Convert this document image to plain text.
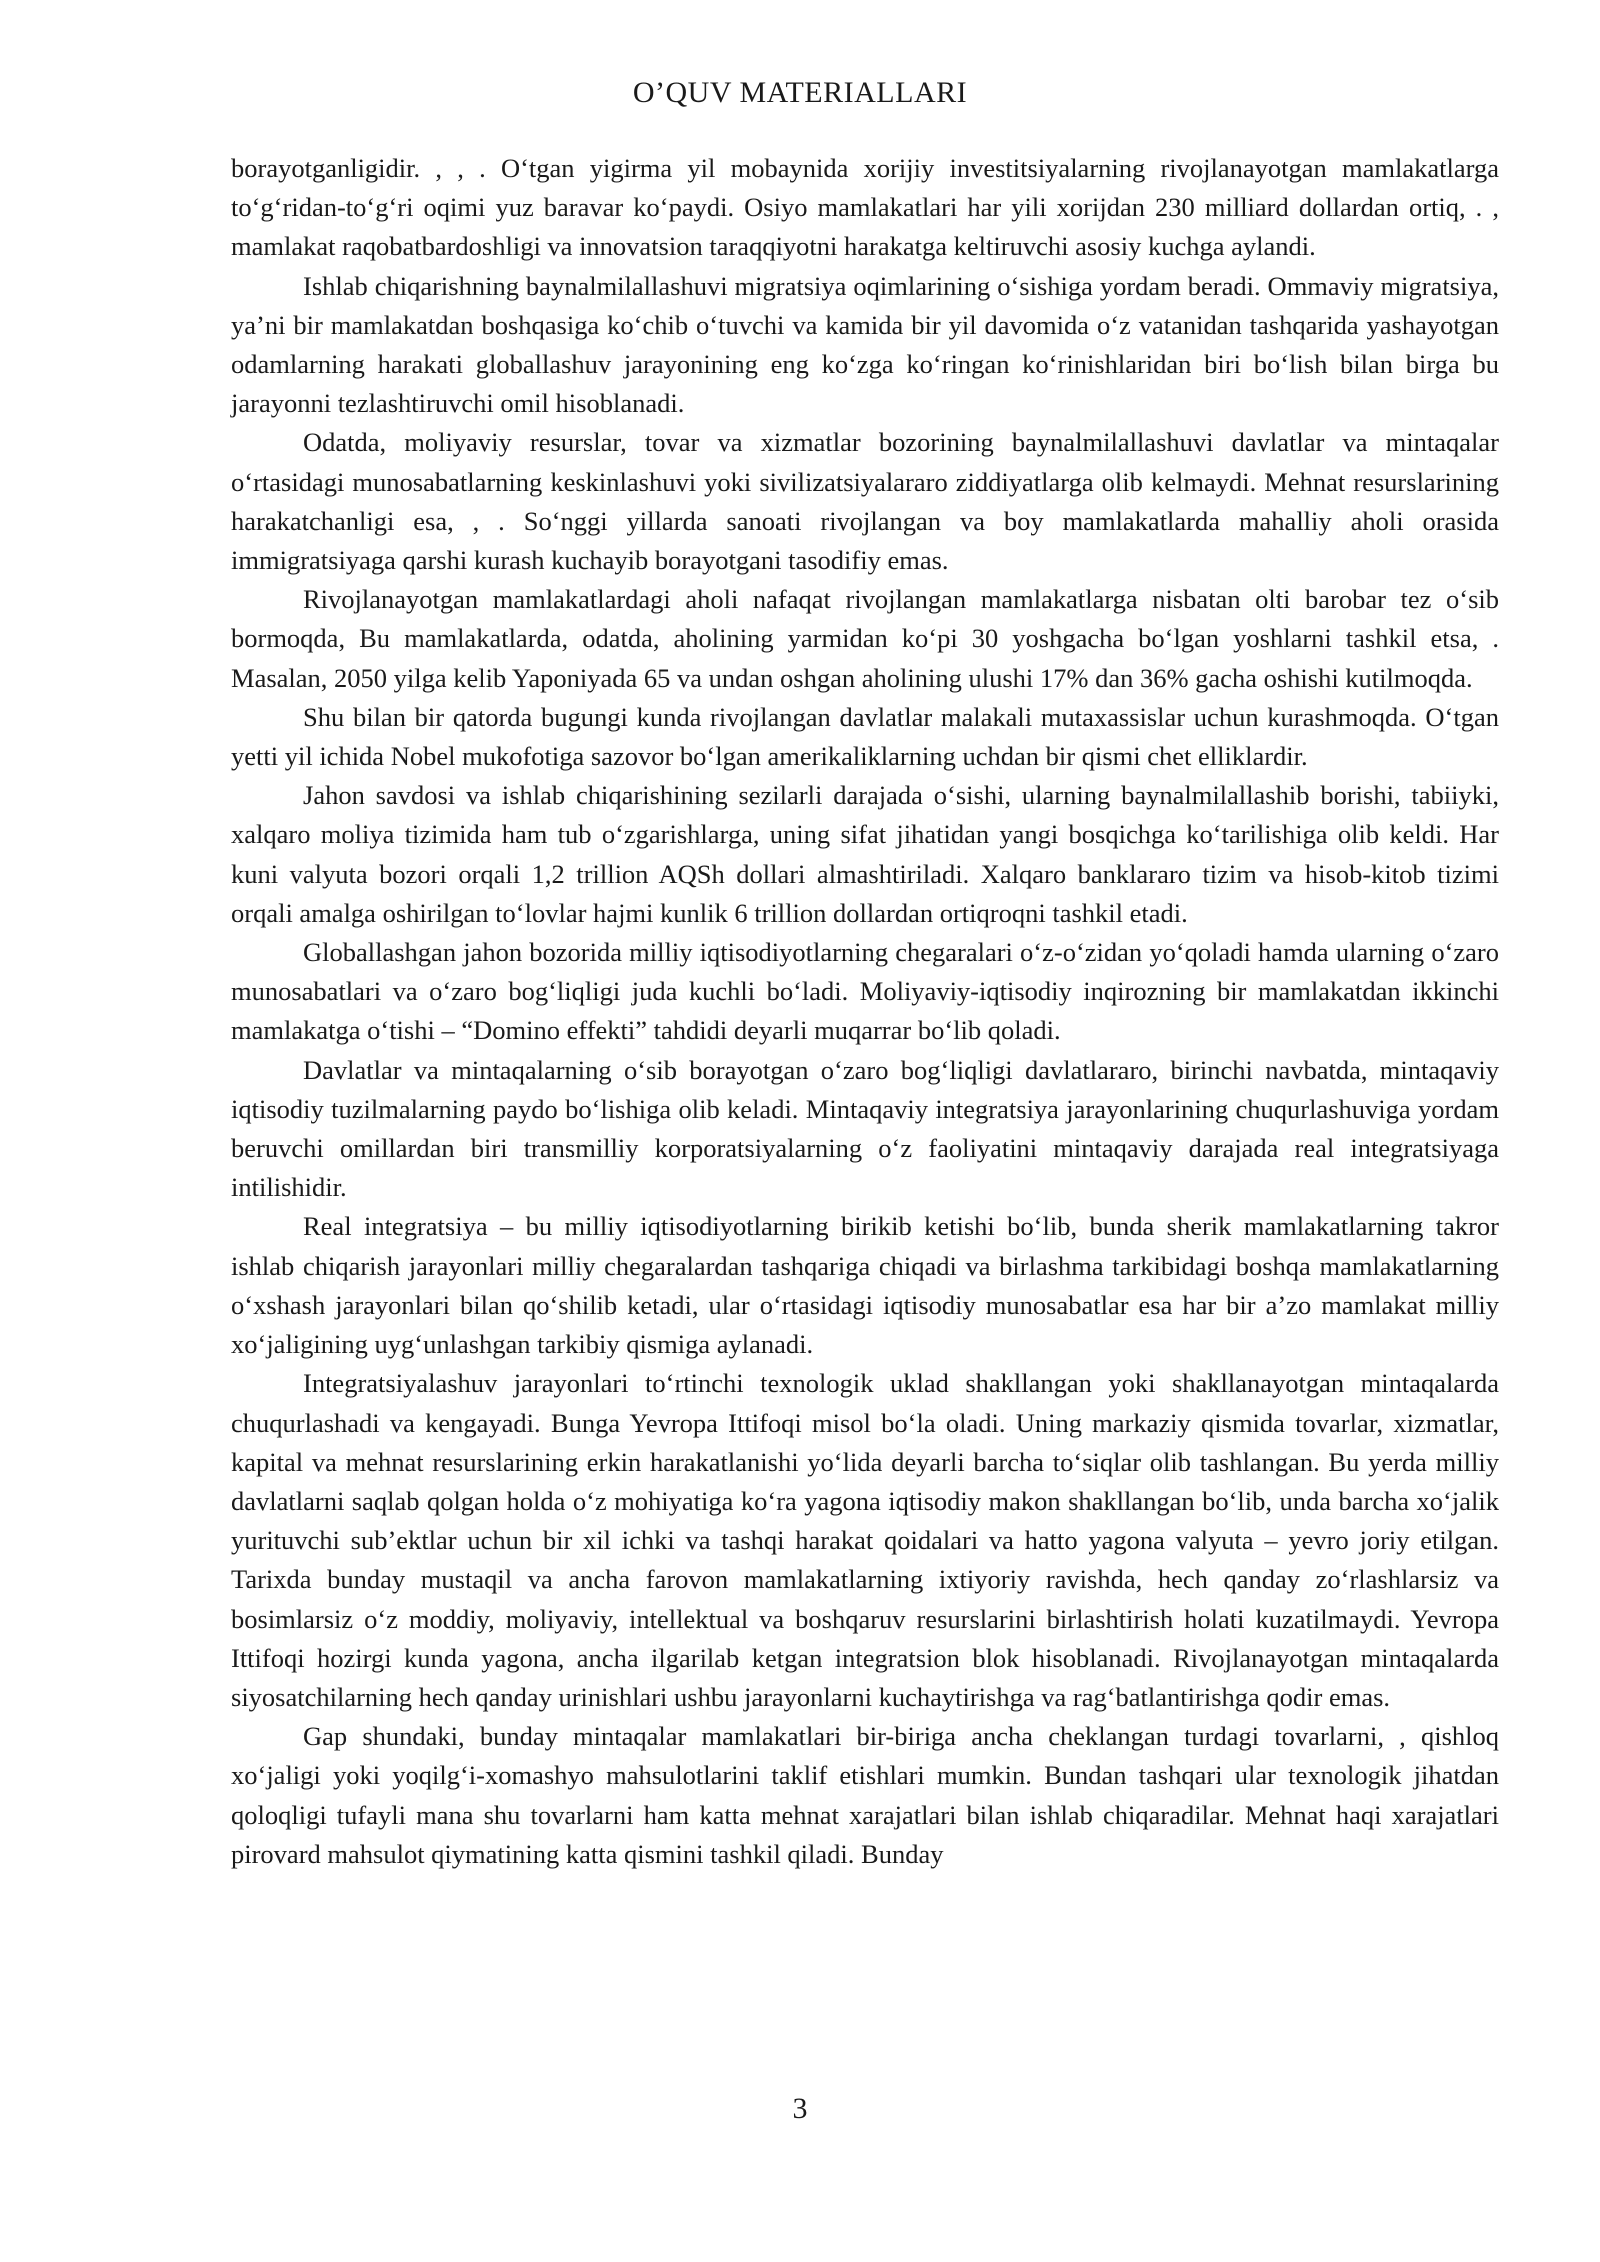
O’QUV MATERIALLARI

borayotganligidir. , , . O‘tgan yigirma yil mobaynida xorijiy investitsiyalarning rivojlanayotgan mamlakatlarga to‘g‘ridan-to‘g‘ri oqimi yuz baravar ko‘paydi. Osiyo mamlakatlari har yili xorijdan 230 milliard dollardan ortiq, . , mamlakat raqobatbardoshligi va innovatsion taraqqiyotni harakatga keltiruvchi asosiy kuchga aylandi.

Ishlab chiqarishning baynalmilallashuvi migratsiya oqimlarining o‘sishiga yordam beradi. Ommaviy migratsiya, ya’ni bir mamlakatdan boshqasiga ko‘chib o‘tuvchi va kamida bir yil davomida o‘z vatanidan tashqarida yashayotgan odamlarning harakati globallashuv jarayonining eng ko‘zga ko‘ringan ko‘rinishlaridan biri bo‘lish bilan birga bu jarayonni tezlashtiruvchi omil hisoblanadi.

Odatda, moliyaviy resurslar, tovar va xizmatlar bozorining baynalmilallashuvi davlatlar va mintaqalar o‘rtasidagi munosabatlarning keskinlashuvi yoki sivilizatsiyalararo ziddiyatlarga olib kelmaydi. Mehnat resurslarining harakatchanligi esa, , . So‘nggi yillarda sanoati rivojlangan va boy mamlakatlarda mahalliy aholi orasida immigratsiyaga qarshi kurash kuchayib borayotgani tasodifiy emas.

Rivojlanayotgan mamlakatlardagi aholi nafaqat rivojlangan mamlakatlarga nisbatan olti barobar tez o‘sib bormoqda, Bu mamlakatlarda, odatda, aholining yarmidan ko‘pi 30 yoshgacha bo‘lgan yoshlarni tashkil etsa, . Masalan, 2050 yilga kelib Yaponiyada 65 va undan oshgan aholining ulushi 17% dan 36% gacha oshishi kutilmoqda.

Shu bilan bir qatorda bugungi kunda rivojlangan davlatlar malakali mutaxassislar uchun kurashmoqda. O‘tgan yetti yil ichida Nobel mukofotiga sazovor bo‘lgan amerikaliklarning uchdan bir qismi chet elliklardir.

Jahon savdosi va ishlab chiqarishining sezilarli darajada o‘sishi, ularning baynalmilallashib borishi, tabiiyki, xalqaro moliya tizimida ham tub o‘zgarishlarga, uning sifat jihatidan yangi bosqichga ko‘tarilishiga olib keldi. Har kuni valyuta bozori orqali 1,2 trillion AQSh dollari almashtiriladi. Xalqaro banklararo tizim va hisob-kitob tizimi orqali amalga oshirilgan to‘lovlar hajmi kunlik 6 trillion dollardan ortiqroqni tashkil etadi.

Globallashgan jahon bozorida milliy iqtisodiyotlarning chegaralari o‘z-o‘zidan yo‘qoladi hamda ularning o‘zaro munosabatlari va o‘zaro bog‘liqligi juda kuchli bo‘ladi. Moliyaviy-iqtisodiy inqirozning bir mamlakatdan ikkinchi mamlakatga o‘tishi – “Domino effekti” tahdidi deyarli muqarrar bo‘lib qoladi.

Davlatlar va mintaqalarning o‘sib borayotgan o‘zaro bog‘liqligi davlatlararo, birinchi navbatda, mintaqaviy iqtisodiy tuzilmalarning paydo bo‘lishiga olib keladi. Mintaqaviy integratsiya jarayonlarining chuqurlashuviga yordam beruvchi omillardan biri transmilliy korporatsiyalarning o‘z faoliyatini mintaqaviy darajada real integratsiyaga intilishidir.

Real integratsiya – bu milliy iqtisodiyotlarning birikib ketishi bo‘lib, bunda sherik mamlakatlarning takror ishlab chiqarish jarayonlari milliy chegaralardan tashqariga chiqadi va birlashma tarkibidagi boshqa mamlakatlarning o‘xshash jarayonlari bilan qo‘shilib ketadi, ular o‘rtasidagi iqtisodiy munosabatlar esa har bir a’zo mamlakat milliy xo‘jaligining uyg‘unlashgan tarkibiy qismiga aylanadi.

Integratsiyalashuv jarayonlari to‘rtinchi texnologik uklad shakllangan yoki shakllanayotgan mintaqalarda chuqurlashadi va kengayadi. Bunga Yevropa Ittifoqi misol bo‘la oladi. Uning markaziy qismida tovarlar, xizmatlar, kapital va mehnat resurslarining erkin harakatlanishi yo‘lida deyarli barcha to‘siqlar olib tashlangan. Bu yerda milliy davlatlarni saqlab qolgan holda o‘z mohiyatiga ko‘ra yagona iqtisodiy makon shakllangan bo‘lib, unda barcha xo‘jalik yurituvchi sub’ektlar uchun bir xil ichki va tashqi harakat qoidalari va hatto yagona valyuta – yevro joriy etilgan. Tarixda bunday mustaqil va ancha farovon mamlakatlarning ixtiyoriy ravishda, hech qanday zo‘rlashlarsiz va bosimlarsiz o‘z moddiy, moliyaviy, intellektual va boshqaruv resurslarini birlashtirish holati kuzatilmaydi. Yevropa Ittifoqi hozirgi kunda yagona, ancha ilgarilab ketgan integratsion blok hisoblanadi. Rivojlanayotgan mintaqalarda siyosatchilarning hech qanday urinishlari ushbu jarayonlarni kuchaytirishga va rag‘batlantirishga qodir emas.

Gap shundaki, bunday mintaqalar mamlakatlari bir-biriga ancha cheklangan turdagi tovarlarni, , qishloq xo‘jaligi yoki yoqilg‘i-xomashyo mahsulotlarini taklif etishlari mumkin. Bundan tashqari ular texnologik jihatdan qoloqligi tufayli mana shu tovarlarni ham katta mehnat xarajatlari bilan ishlab chiqaradilar. Mehnat haqi xarajatlari pirovard mahsulot qiymatining katta qismini tashkil qiladi. Bunday

3
